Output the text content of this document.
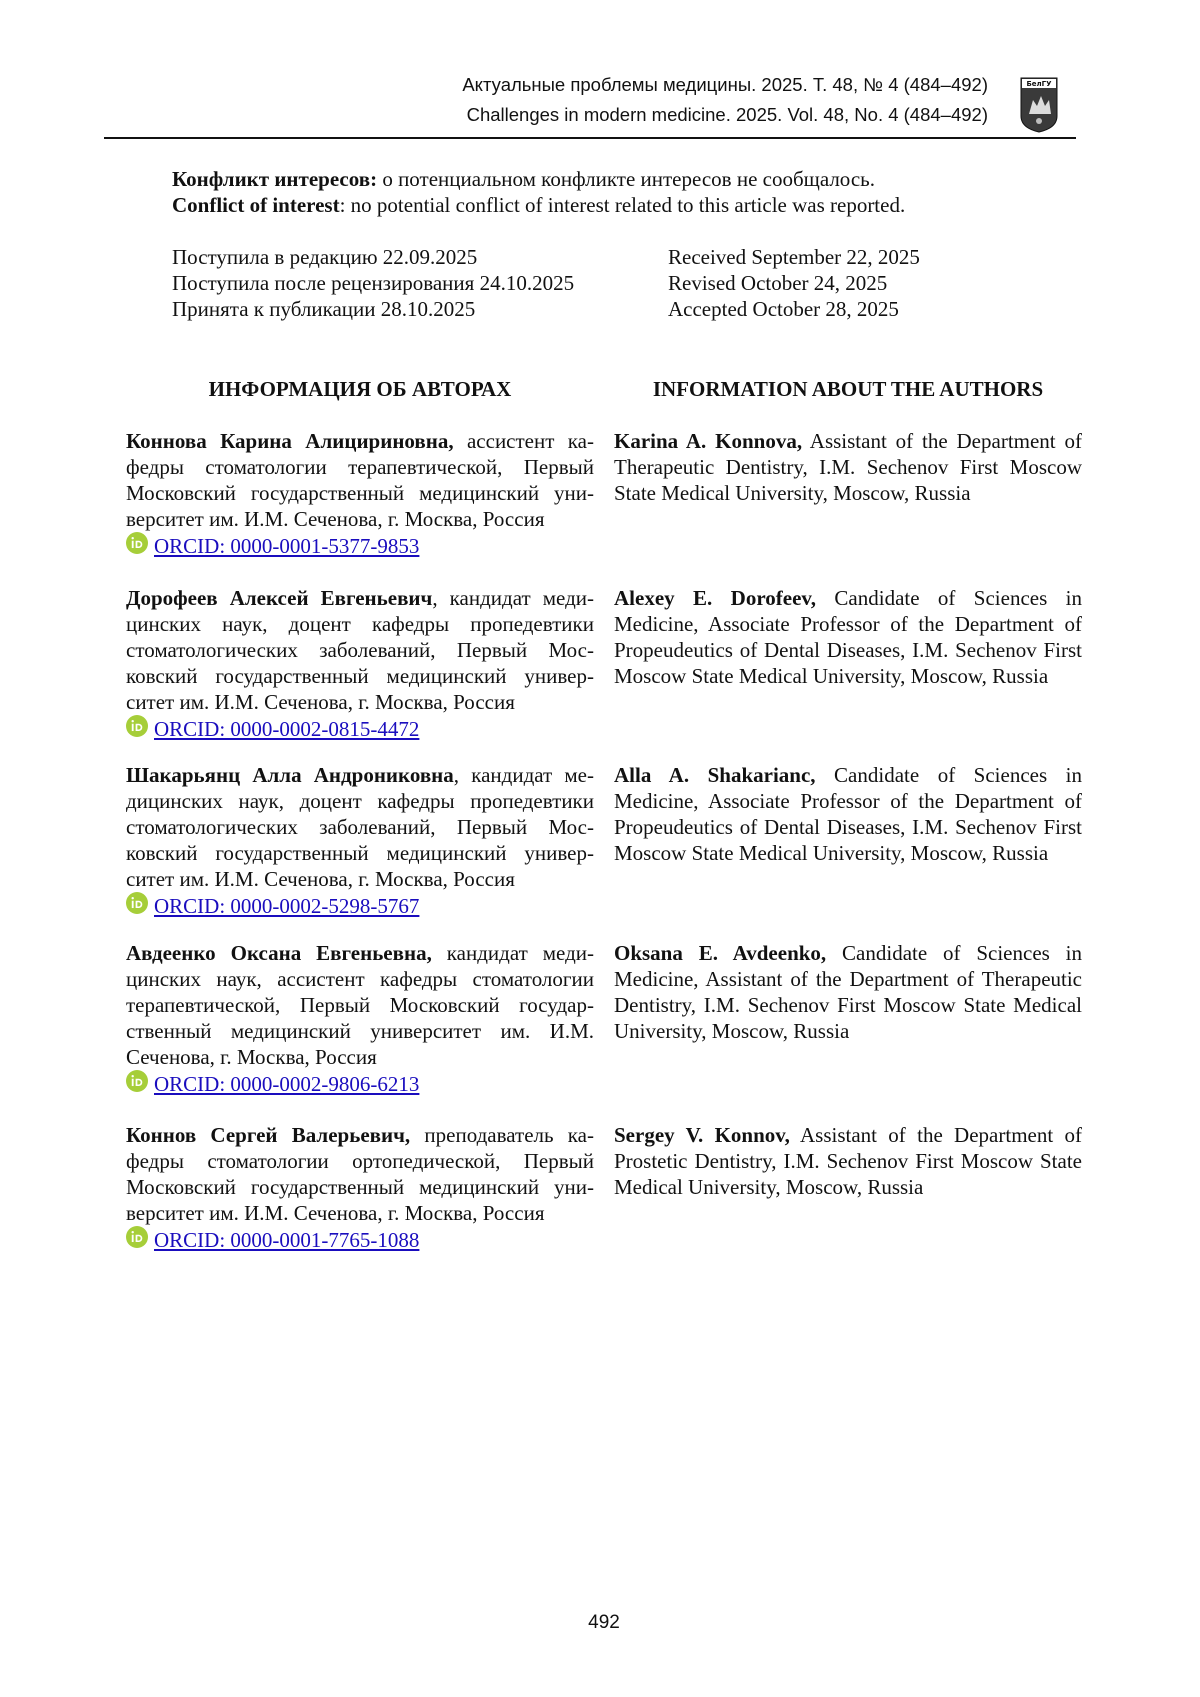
Актуальные проблемы медицины. 2025. Т. 48, № 4 (484–492)
Challenges in modern medicine. 2025. Vol. 48, No. 4 (484–492)
БелГУ

Конфликт интересов: о потенциальном конфликте интересов не сообщалось.

Conflict of interest: no potential conflict of interest related to this article was reported.

Поступила в редакцию 22.09.2025
Поступила после рецензирования 24.10.2025
Принята к публикации 28.10.2025
Received September 22, 2025
Revised October 24, 2025
Accepted October 28, 2025
ИНФОРМАЦИЯ ОБ АВТОРАХ	INFORMATION ABOUT THE AUTHORS

Коннова Карина Алицириновна, ассистент кафедры стоматологии терапевтической, Первый Московский государственный медицинский университет им. И.М. Сеченова, г. Москва, Россия

ORCID: 0000-0001-5377-9853

Karina A. Konnova, Assistant of the Department of Therapeutic Dentistry, I.M. Sechenov First Moscow State Medical University, Moscow, Russia

Дорофеев Алексей Евгеньевич, кандидат медицинских наук, доцент кафедры пропедевтики стоматологических заболеваний, Первый Московский государственный медицинский университет им. И.М. Сеченова, г. Москва, Россия

ORCID: 0000-0002-0815-4472

Alexey E. Dorofeev, Candidate of Sciences in Medicine, Associate Professor of the Department of Propeudeutics of Dental Diseases, I.M. Sechenov First Moscow State Medical University, Moscow, Russia

Шакарьянц Алла Андрониковна, кандидат медицинских наук, доцент кафедры пропедевтики стоматологических заболеваний, Первый Московский государственный медицинский университет им. И.М. Сеченова, г. Москва, Россия

ORCID: 0000-0002-5298-5767

Alla A. Shakarianc, Candidate of Sciences in Medicine, Associate Professor of the Department of Propeudeutics of Dental Diseases, I.M. Sechenov First Moscow State Medical University, Moscow, Russia

Авдеенко Оксана Евгеньевна, кандидат медицинских наук, ассистент кафедры стоматологии терапевтической, Первый Московский государственный медицинский университет им. И.М. Сеченова, г. Москва, Россия

ORCID: 0000-0002-9806-6213

Oksana E. Avdeenko, Candidate of Sciences in Medicine, Assistant of the Department of Therapeutic Dentistry, I.M. Sechenov First Moscow State Medical University, Moscow, Russia

Коннов Сергей Валерьевич, преподаватель кафедры стоматологии ортопедической, Первый Московский государственный медицинский университет им. И.М. Сеченова, г. Москва, Россия

ORCID: 0000-0001-7765-1088

Sergey V. Konnov, Assistant of the Department of Prostetic Dentistry, I.M. Sechenov First Moscow State Medical University, Moscow, Russia

492
